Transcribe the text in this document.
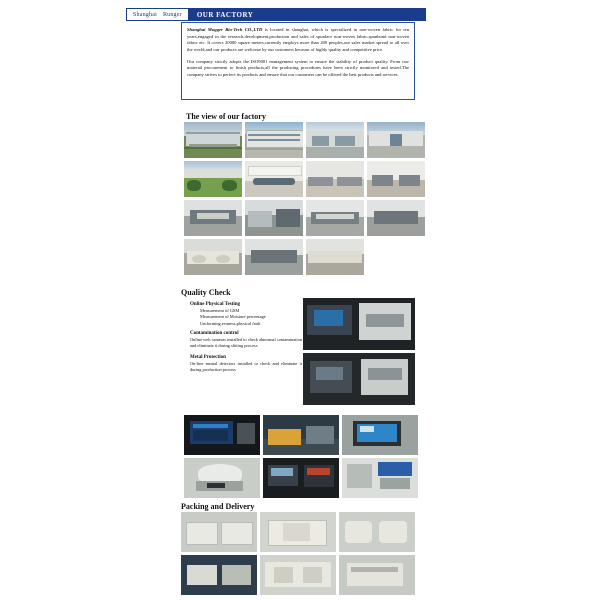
Shanghai Runger	OUR FACTORY

Shanghai Mugger Bio-Tech CO.,LTD is located in shanghai, which is specialized in non-woven fabric for ten years,engaged in the research,development,production and sales of spunlace non-woven fabric,spunbond non-woven fabric etc. It covers 20000 square meters,currently employs more than 200 peoples,our sales market spread to all over the world,and our products are welcome by our customers because of highly quality and competitive price.

Our company strictly adopts the ISO9001 management system to ensure the stability of product quality. From raw material procurement to finish products,all the producing procedures have been strictly monitored and tested.The company strives to perfect its products and ensure that our customers can be offered the best products and services.

The view of our factory
Quality Check
Online Physical Testing
Measurement of GSM
Measurement of Moisture percentage
Uniforming,evaness,physical fault
Contamination control
Online web cameras installed to check abnormal contamination and eliminate it during slitting process
Metal Protection
On-line meatal detectors installed to check and eliminate it during production process
Packing and Delivery
